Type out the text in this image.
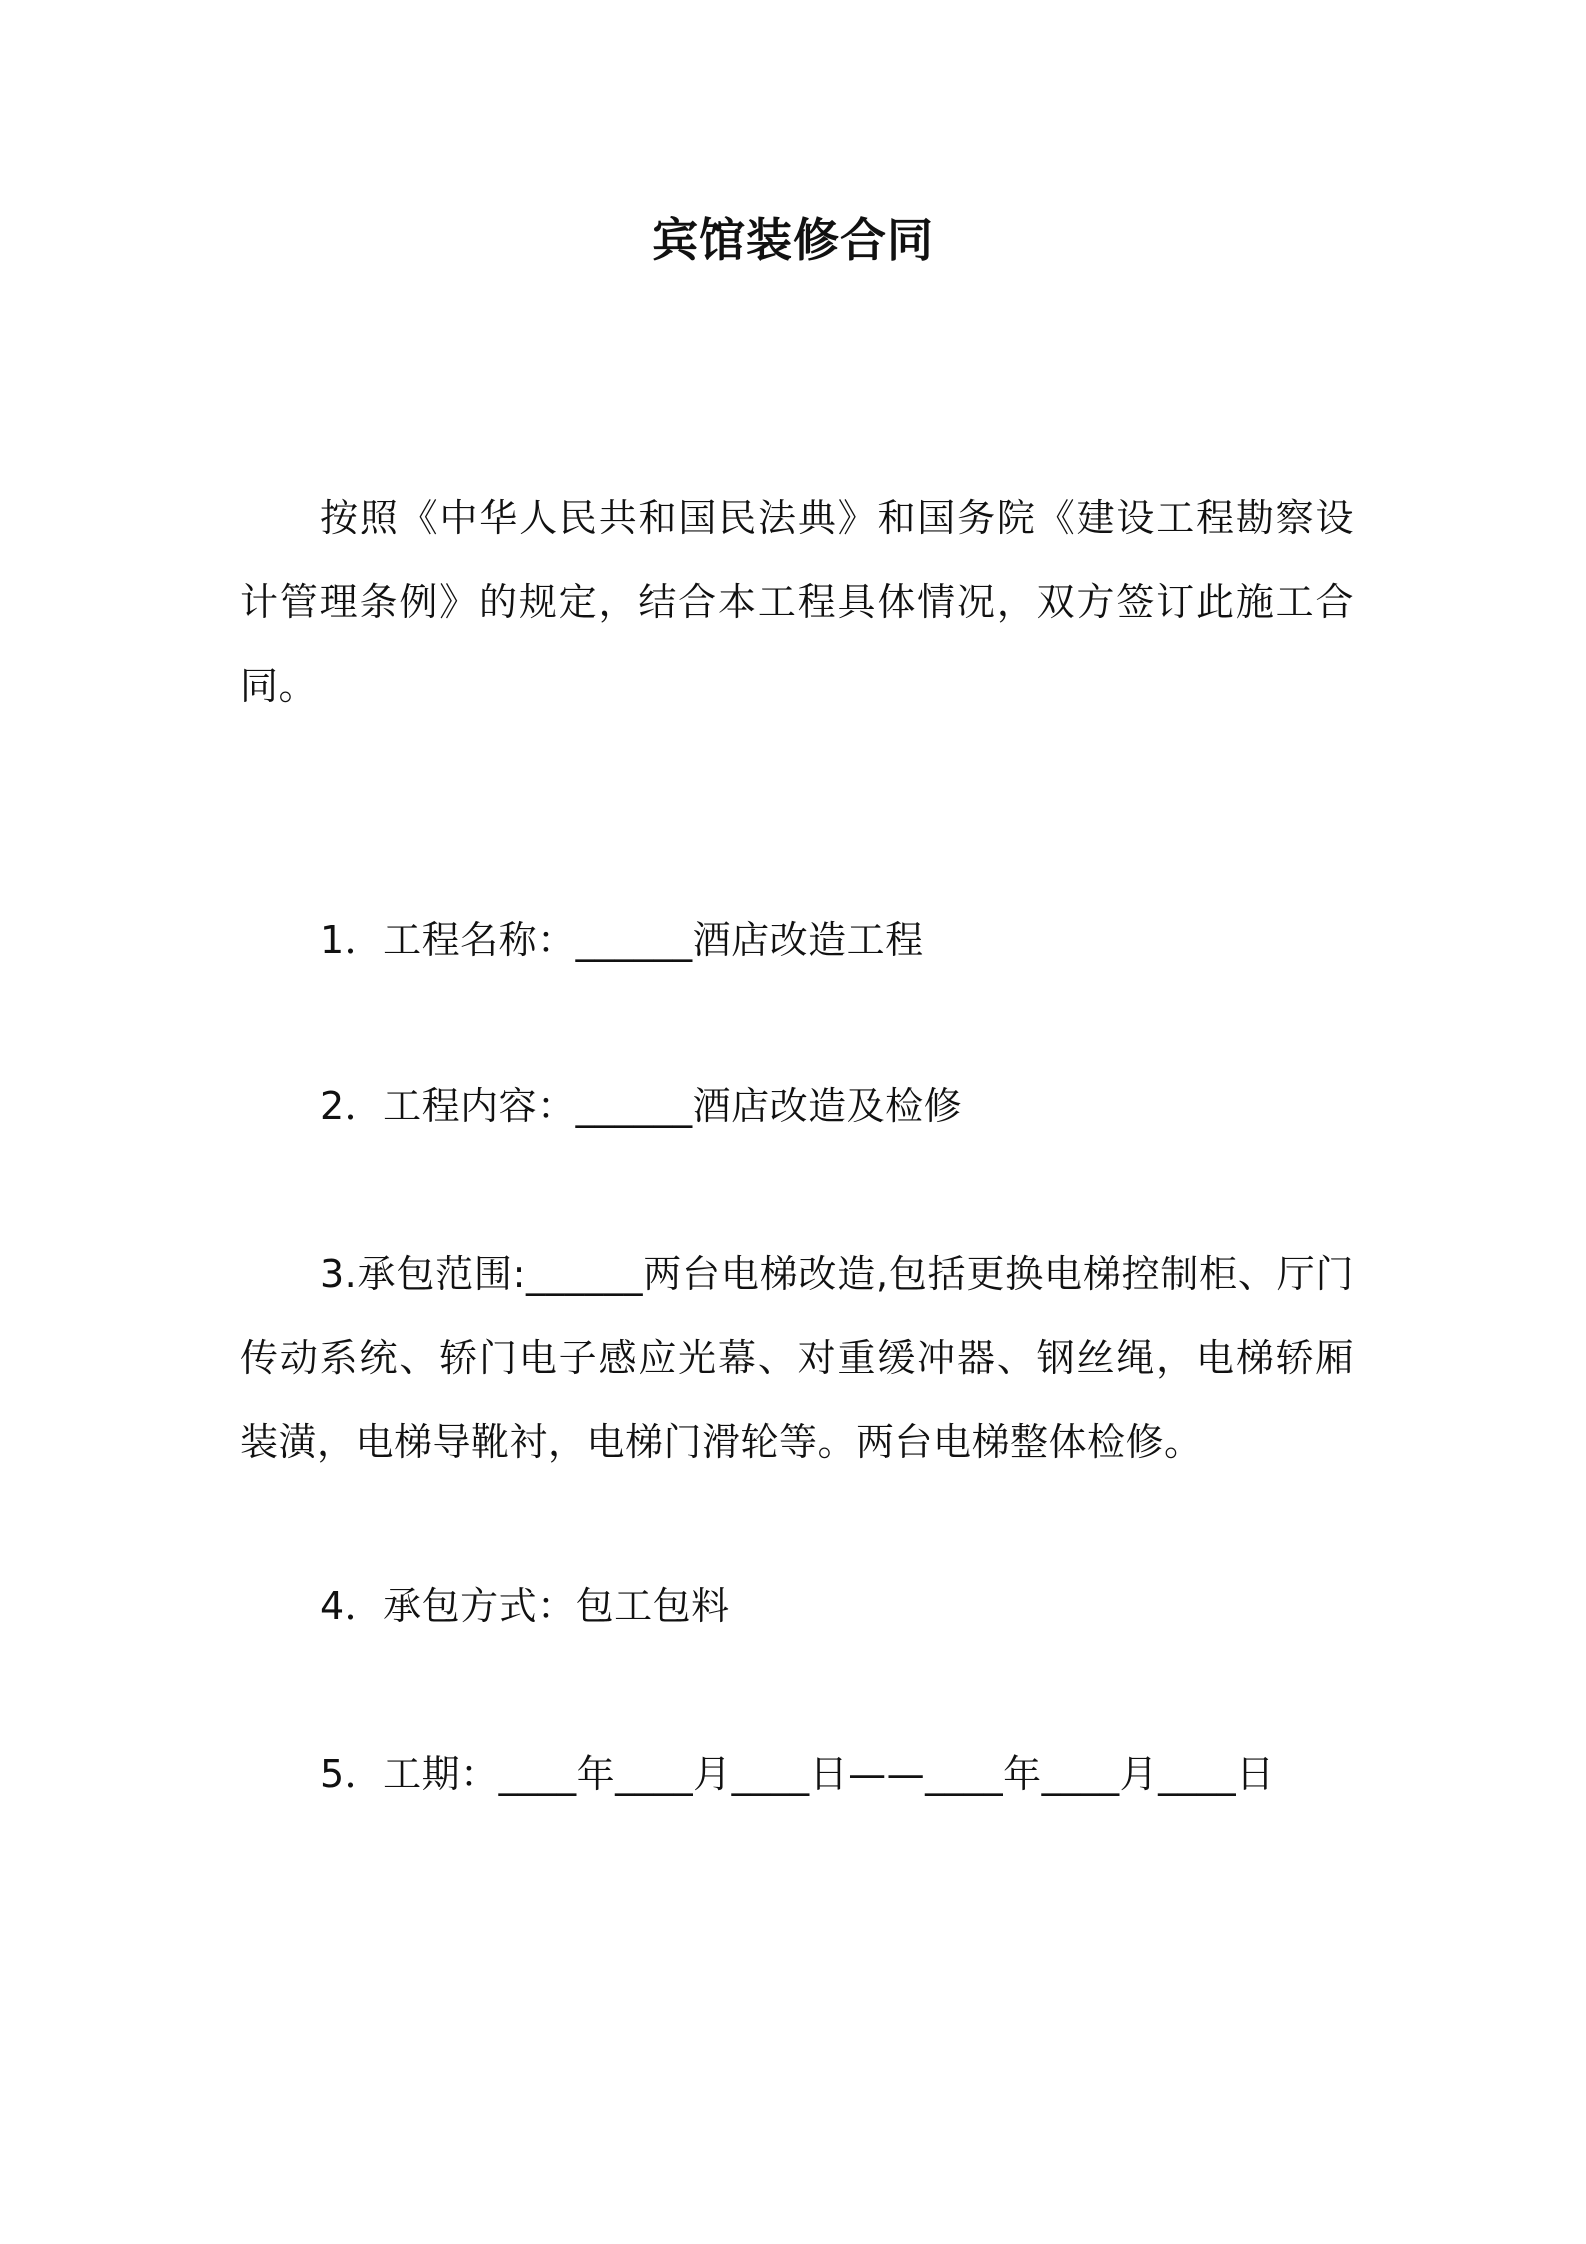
宾馆装修合同

按照《中华人民共和国民法典》和国务院《建设工程勘察设计管理条例》的规定，结合本工程具体情况，双方签订此施工合同。

1．工程名称：______酒店改造工程

2．工程内容：______酒店改造及检修

3.承包范围:______两台电梯改造,包括更换电梯控制柜、厅门传动系统、轿门电子感应光幕、对重缓冲器、钢丝绳，电梯轿厢装潢，电梯导靴衬，电梯门滑轮等。两台电梯整体检修。

4．承包方式：包工包料

5．工期：____年____月____日——____年____月____日
